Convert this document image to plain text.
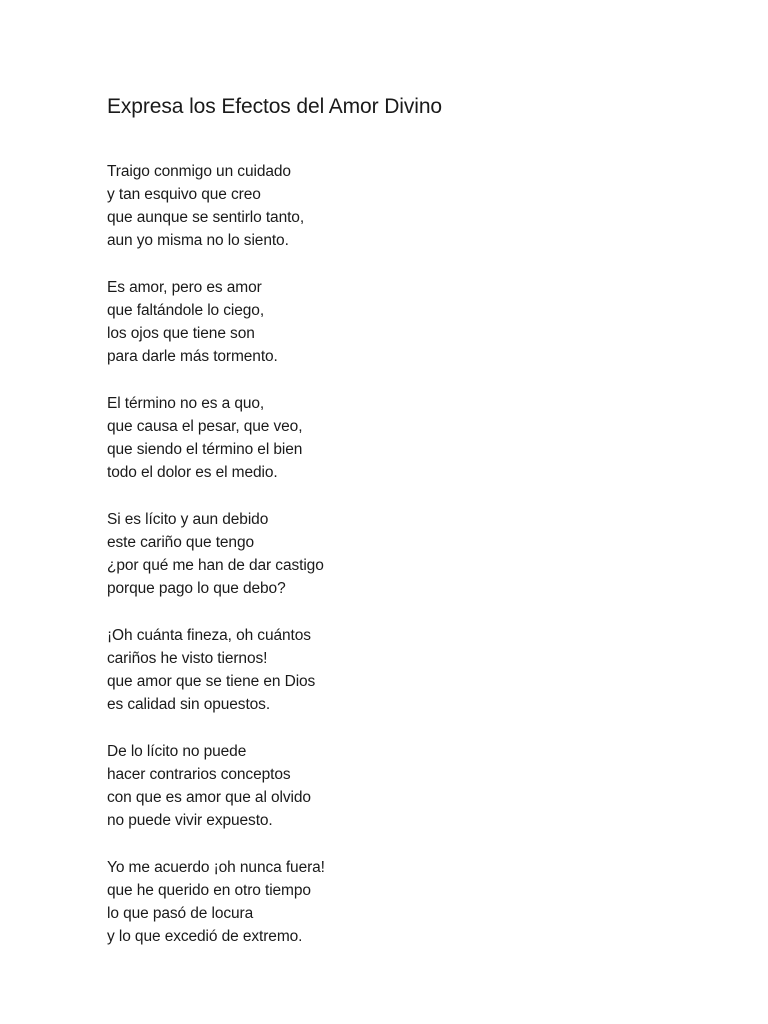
Expresa los Efectos del Amor Divino
Traigo conmigo un cuidado
y tan esquivo que creo
que aunque se sentirlo tanto,
aun yo misma no lo siento.
Es amor, pero es amor
que faltándole lo ciego,
los ojos que tiene son
para darle más tormento.
El término no es a quo,
que causa el pesar, que veo,
que siendo el término el bien
todo el dolor es el medio.
Si es lícito y aun debido
este cariño que tengo
¿por qué me han de dar castigo
porque pago lo que debo?
¡Oh cuánta fineza, oh cuántos
cariños he visto tiernos!
que amor que se tiene en Dios
es calidad sin opuestos.
De lo lícito no puede
hacer contrarios conceptos
con que es amor que al olvido
no puede vivir expuesto.
Yo me acuerdo ¡oh nunca fuera!
que he querido en otro tiempo
lo que pasó de locura
y lo que excedió de extremo.
